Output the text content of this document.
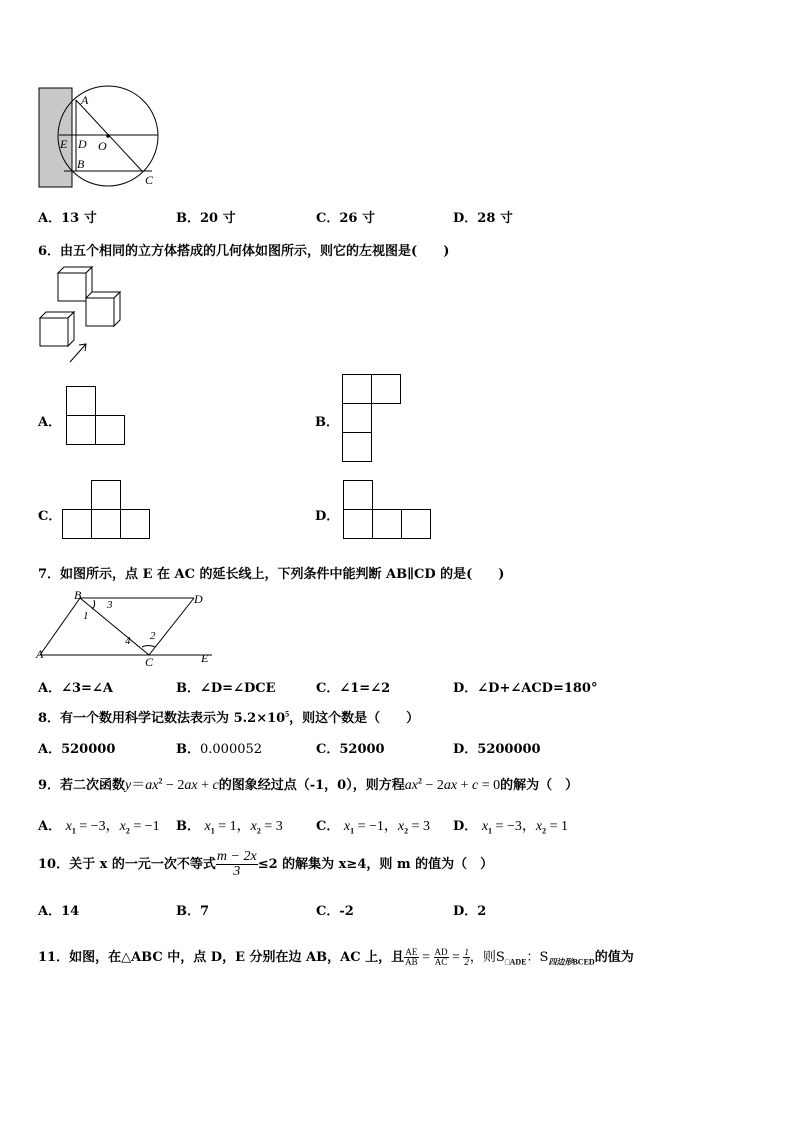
A
E D O
B
C
A．13 寸	B．20 寸	C．26 寸	D．28 寸
6．由五个相同的立方体搭成的几何体如图所示，则它的左视图是(　　)
A．	B．
C．	D．
7．如图所示，点 E 在 AC 的延长线上，下列条件中能判断 AB∥CD 的是(　　)
B	D
A
C	E
1
3
4 2
A．∠3=∠A	B．∠D=∠DCE	C．∠1=∠2	D．∠D+∠ACD=180°
8．有一个数用科学记数法表示为 $5.2\times 10^5$，则这个数是（　　）
A．520000	B．0.000052	C．52000	D．5200000
9．若二次函数$y=ax^2 - 2ax + c$的图象经过点（-1，0），则方程$ax^2 - 2ax + c = 0$的解为（　）
A． $x_1 = -3$，$x_2 = -1$ B． $x_1 = 1$，$x_2 = 3$	C． $x_1 = -1$，$x_2 = 3$ D． $x_1 = -3$，$x_2 = 1$
10．关于 x 的一元一次不等式 $\frac{m - 2x}{3} \le 2$ 的解集为 x≥4，则 m 的值为（　）
A．14	B．7	C．-2	D．2
11．如图，在△ABC 中，点 D，E 分别在边 AB，AC 上，且 $\frac{AE}{AB} = \frac{AD}{AC} = \frac{1}{2}$ ，则$S_{□ADE}$：$S_{四边形BCED}$的值为
